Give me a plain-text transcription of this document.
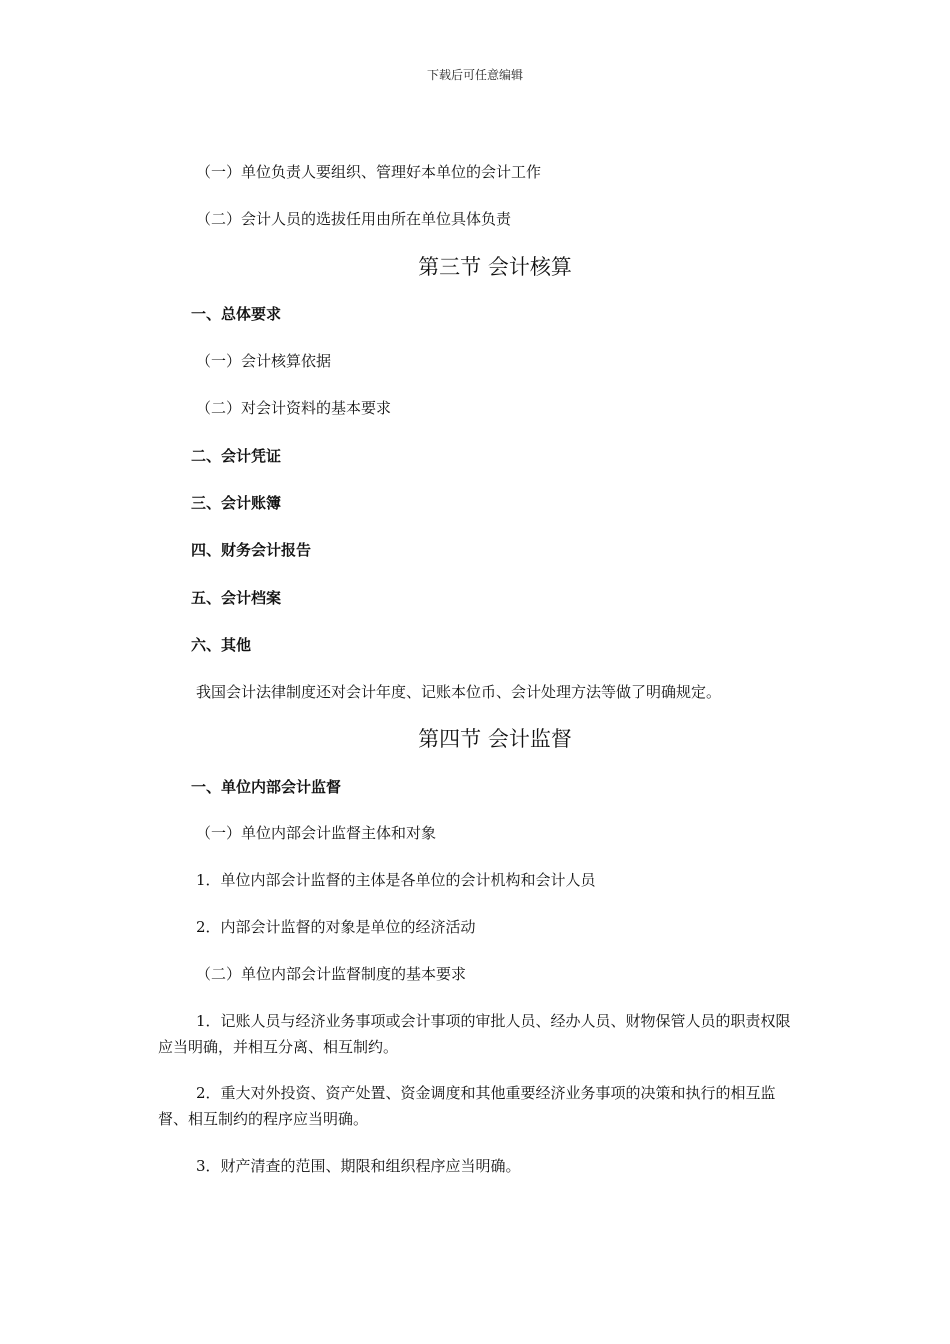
下载后可任意编辑
（一）单位负责人要组织、管理好本单位的会计工作
（二）会计人员的选拔任用由所在单位具体负责
第三节 会计核算
一、总体要求
（一）会计核算依据
（二）对会计资料的基本要求
二、会计凭证
三、会计账簿
四、财务会计报告
五、会计档案
六、其他
我国会计法律制度还对会计年度、记账本位币、会计处理方法等做了明确规定。
第四节 会计监督
一、单位内部会计监督
（一）单位内部会计监督主体和对象
1．单位内部会计监督的主体是各单位的会计机构和会计人员
2．内部会计监督的对象是单位的经济活动
（二）单位内部会计监督制度的基本要求
1．记账人员与经济业务事项或会计事项的审批人员、经办人员、财物保管人员的职责权限应当明确，并相互分离、相互制约。
2．重大对外投资、资产处置、资金调度和其他重要经济业务事项的决策和执行的相互监督、相互制约的程序应当明确。
3．财产清查的范围、期限和组织程序应当明确。
